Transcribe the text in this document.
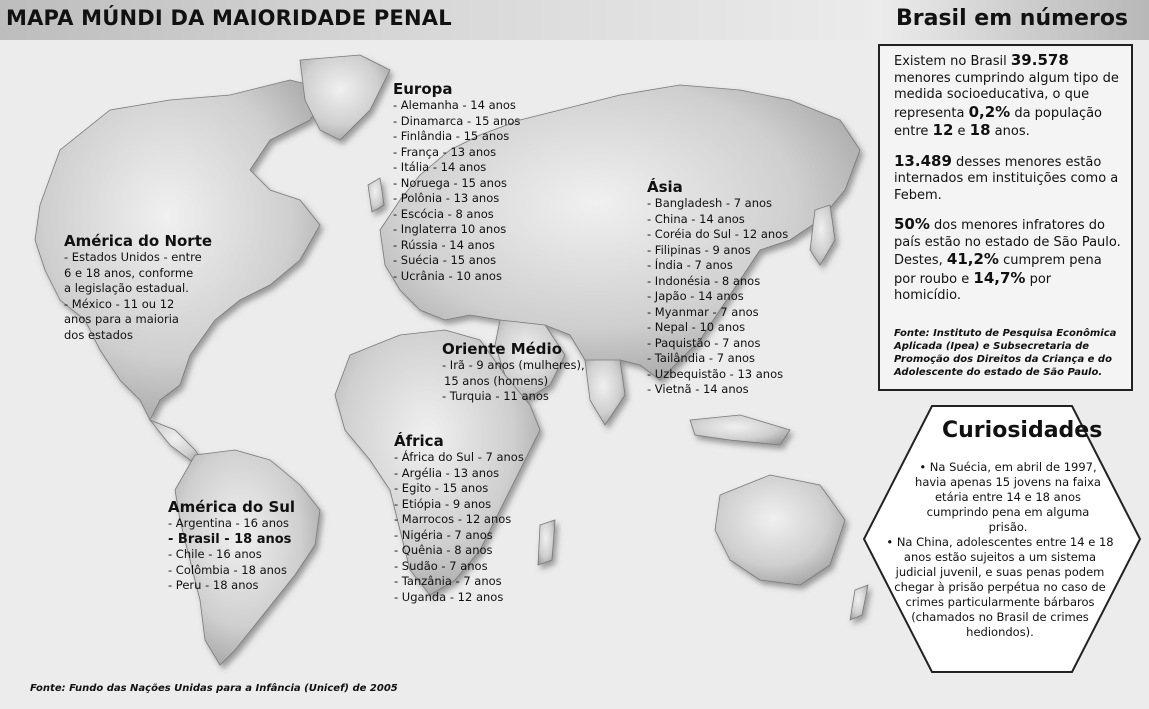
MAPA MÚNDI DA MAIORIDADE PENAL	Brasil em números
América do Norte
- Estados Unidos - entre
6 e 18 anos, conforme
a legislação estadual.
- México - 11 ou 12
anos para a maioria
dos estados
Europa
- Alemanha - 14 anos
- Dinamarca - 15 anos
- Finlândia - 15 anos
- França - 13 anos
- Itália - 14 anos
- Noruega - 15 anos
- Polônia - 13 anos
- Escócia - 8 anos
- Inglaterra 10 anos
- Rússia - 14 anos
- Suécia - 15 anos
- Ucrânia - 10 anos
Ásia
- Bangladesh - 7 anos
- China - 14 anos
- Coréia do Sul - 12 anos
- Filipinas - 9 anos
- Índia - 7 anos
- Indonésia - 8 anos
- Japão - 14 anos
- Myanmar - 7 anos
- Nepal - 10 anos
- Paquistão - 7 anos
- Tailândia - 7 anos
- Uzbequistão - 13 anos
- Vietnã - 14 anos
Oriente Médio
- Irã - 9 anos (mulheres),
15 anos (homens)
- Turquia - 11 anos
África
- África do Sul - 7 anos
- Argélia - 13 anos
- Egito - 15 anos
- Etiópia - 9 anos
- Marrocos - 12 anos
- Nigéria - 7 anos
- Quênia - 8 anos
- Sudão - 7 anos
- Tanzânia - 7 anos
- Uganda - 12 anos
América do Sul
- Argentina - 16 anos
- Brasil - 18 anos
- Chile - 16 anos
- Colômbia - 18 anos
- Peru - 18 anos

Existem no Brasil 39.578 menores cumprindo algum tipo de medida socioeducativa, o que representa 0,2% da população entre 12 e 18 anos.

13.489 desses menores estão internados em instituições como a Febem.

50% dos menores infratores do país estão no estado de São Paulo. Destes, 41,2% cumprem pena por roubo e 14,7% por homicídio.

Fonte: Instituto de Pesquisa Econômica Aplicada (Ipea) e Subsecretaria de Promoção dos Direitos da Criança e do Adolescente do estado de São Paulo.

Curiosidades
• Na Suécia, em abril de 1997, havia apenas 15 jovens na faixa etária entre 14 e 18 anos cumprindo pena em alguma prisão.
• Na China, adolescentes entre 14 e 18 anos estão sujeitos a um sistema judicial juvenil, e suas penas podem chegar à prisão perpétua no caso de crimes particularmente bárbaros (chamados no Brasil de crimes hediondos).
Fonte: Fundo das Nações Unidas para a Infância (Unicef) de 2005
